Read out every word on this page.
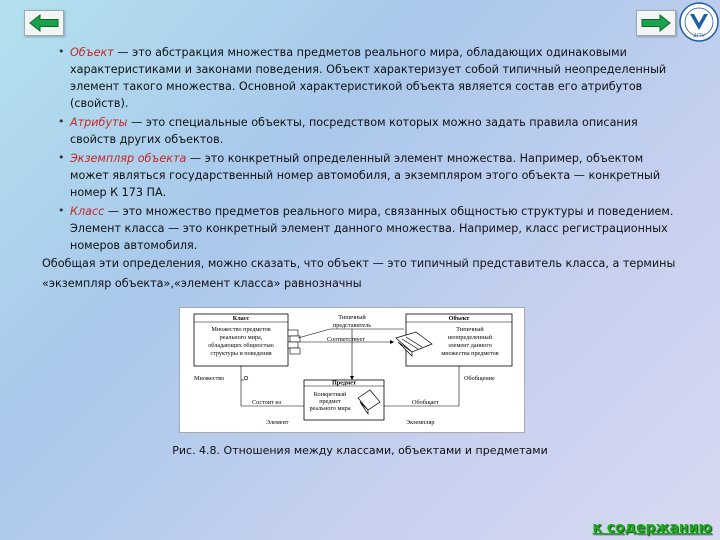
ДГТУ
• Объект — это абстракция множества предметов реального мира, обладающих одинаковыми характеристиками и законами поведения. Объект характеризует собой типичный неопределенный элемент такого множества. Основной характеристикой объекта является состав его атрибутов (свойств).
• Атрибуты — это специальные объекты, посредством которых можно задать правила описания свойств других объектов.
• Экземпляр объекта — это конкретный определенный элемент множества. Например, объектом может являться государственный номер автомобиля, а экземпляром этого объекта — конкретный номер К 173 ПА.
• Класс — это множество предметов реального мира, связанных общностью структуры и поведением. Элемент класса — это конкретный элемент данного множества. Например, класс регистрационных номеров автомобиля.
Обобщая эти определения, можно сказать, что объект — это типичный представитель класса, а термины
«экземпляр объекта»,«элемент класса» равнозначны
Класс
Множество предметов
реального мира,
обладающих общностью
структуры и поведения
Объект
Типичный
неопределенный
элемент данного
множества предметов
Типичный
представитель
Соответствует
Множество
Предмет
Конкретный
предмет
реального мира
Состоит из
Обобщение
Обобщает
Элемент	Экземпляр
Рис. 4.8. Отношения между классами, объектами и предметами
к содержанию
